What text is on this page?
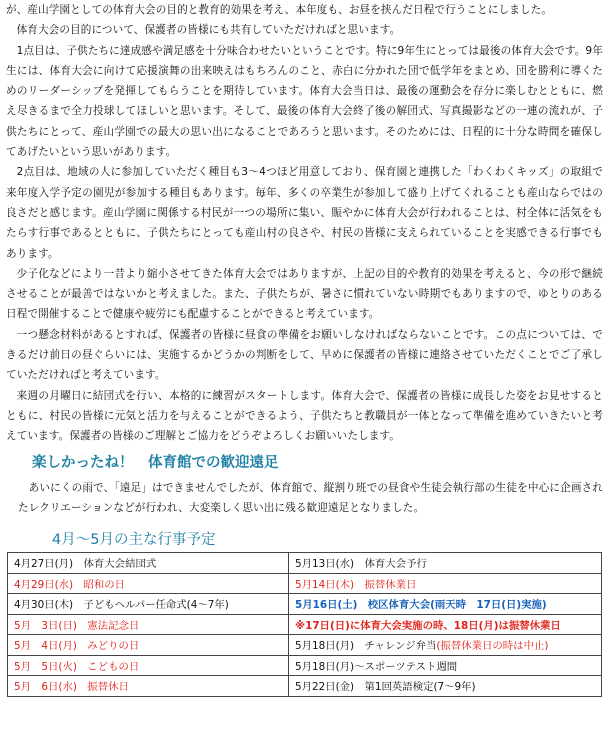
が、産山学園としての体育大会の目的と教育的効果を考え、本年度も、お昼を挟んだ日程で行うことにしました。

体育大会の目的について、保護者の皆様にも共有していただければと思います。

1点目は、子供たちに達成感や満足感を十分味合わせたいということです。特に9年生にとっては最後の体育大会です。9年生には、体育大会に向けて応援演舞の出来映えはもちろんのこと、赤白に分かれた団で低学年をまとめ、団を勝利に導くためのリーダーシップを発揮してもらうことを期待しています。体育大会当日は、最後の運動会を存分に楽しむとともに、燃え尽きるまで全力投球してほしいと思います。そして、最後の体育大会終了後の解団式、写真撮影などの一連の流れが、子供たちにとって、産山学園での最大の思い出になることであろうと思います。そのためには、日程的に十分な時間を確保してあげたいという思いがあります。

2点目は、地域の人に参加していただく種目も3～4つほど用意しており、保育園と連携した「わくわくキッズ」の取組で来年度入学予定の園児が参加する種目もあります。毎年、多くの卒業生が参加して盛り上げてくれることも産山ならではの良さだと感じます。産山学園に関係する村民が一つの場所に集い、賑やかに体育大会が行われることは、村全体に活気をもたらす行事であるとともに、子供たちにとっても産山村の良さや、村民の皆様に支えられていることを実感できる行事でもあります。

少子化などにより一昔より縮小させてきた体育大会ではありますが、上記の目的や教育的効果を考えると、今の形で継続させることが最善ではないかと考えました。また、子供たちが、暑さに慣れていない時期でもありますので、ゆとりのある日程で開催することで健康や疲労にも配慮することができると考えています。

一つ懸念材料があるとすれば、保護者の皆様に昼食の準備をお願いしなければならないことです。この点については、できるだけ前日の昼ぐらいには、実施するかどうかの判断をして、早めに保護者の皆様に連絡させていただくことでご了承していただければと考えています。

来週の月曜日に結団式を行い、本格的に練習がスタートします。体育大会で、保護者の皆様に成長した姿をお見せするとともに、村民の皆様に元気と活力を与えることができるよう、子供たちと教職員が一体となって準備を進めていきたいと考えています。保護者の皆様のご理解とご協力をどうぞよろしくお願いいたします。

楽しかったね！　体育館での歓迎遠足

あいにくの雨で、「遠足」はできませんでしたが、体育館で、縦割り班での昼食や生徒会執行部の生徒を中心に企画されたレクリエーションなどが行われ、大変楽しく思い出に残る歓迎遠足となりました。

4月～5月の主な行事予定
4月27日(月)　体育大会結団式	5月13日(水)　体育大会予行
4月29日(水)　昭和の日	5月14日(木)　振替休業日
4月30日(木)　子どもヘルパー任命式(4～7年)	5月16日(土)　校区体育大会(雨天時　17日(日)実施)
5月　3日(日)　憲法記念日	※17日(日)に体育大会実施の時、18日(月)は振替休業日
5月　4日(月)　みどりの日	5月18日(月)　チャレンジ弁当(振替休業日の時は中止)
5月　5日(火)　こどもの日	5月18日(月)～スポーツテスト週間
5月　6日(水)　振替休日	5月22日(金)　第1回英語検定(7～9年)
